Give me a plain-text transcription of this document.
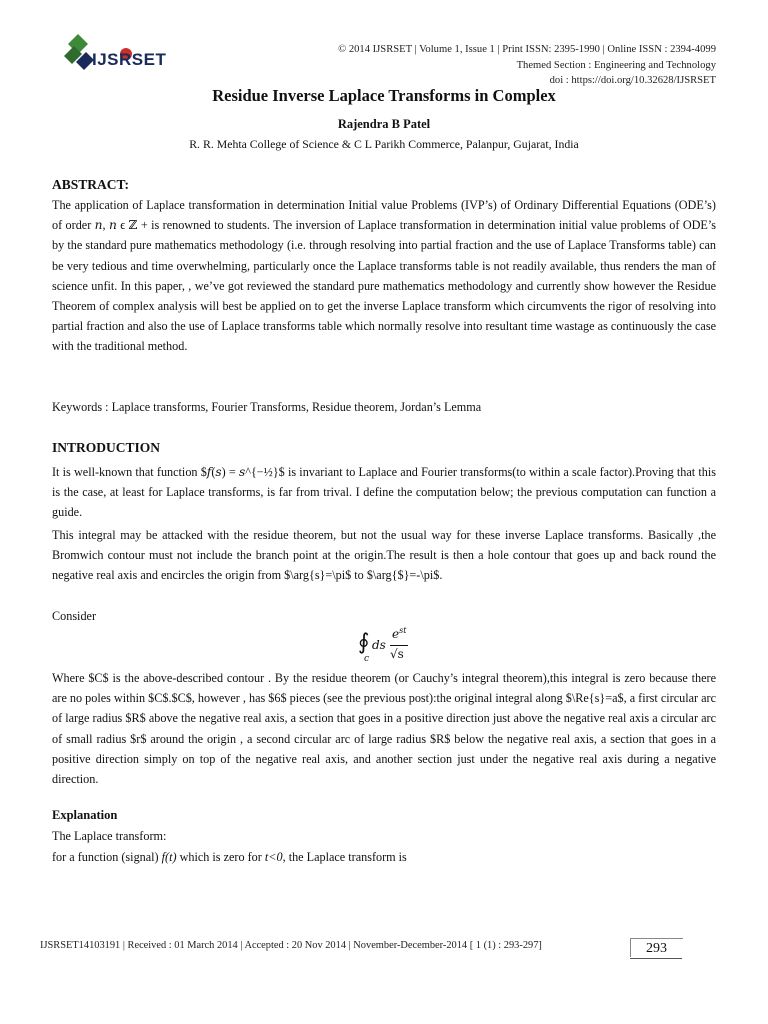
IJSRSET
© 2014 IJSRSET | Volume 1, Issue 1 | Print ISSN: 2395-1990 | Online ISSN : 2394-4099
Themed Section : Engineering and Technology
doi : https://doi.org/10.32628/IJSRSET
Residue Inverse Laplace Transforms in Complex
Rajendra B Patel
R. R. Mehta College of Science & C L Parikh Commerce, Palanpur, Gujarat, India
ABSTRACT:
The application of Laplace transformation in determination Initial value Problems (IVP’s) of Ordinary Differential Equations (ODE’s) of order 𝑛, 𝑛 ϵ ℤ + is renowned to students. The inversion of Laplace transformation in determination initial value problems of ODE’s by the standard pure mathematics methodology (i.e. through resolving into partial fraction and the use of Laplace Transforms table) can be very tedious and time overwhelming, particularly once the Laplace transforms table is not readily available, thus renders the man of science unfit. In this paper, , we’ve got reviewed the standard pure mathematics methodology and currently show however the Residue Theorem of complex analysis will best be applied on to get the inverse Laplace transform which circumvents the rigor of resolving into partial fraction and also the use of Laplace transforms table which normally resolve into resultant time wastage as continuously the case with the traditional method.
Keywords : Laplace transforms, Fourier Transforms, Residue theorem, Jordan’s Lemma
INTRODUCTION
It is well-known that function $𝑓(𝑠) = 𝑠^{−½}$ is invariant to Laplace and Fourier transforms(to within a scale factor).Proving that this is the case, at least for Laplace transforms, is far from trival. I define the computation below; the previous computation can function a guide.
This integral may be attacked with the residue theorem, but not the usual way for these inverse Laplace transforms. Basically ,the Bromwich contour must not include the branch point at the origin.The result is then a hole contour that goes up and back round the negative real axis and encircles the origin from $\arg{s}=\pi$ to $\arg{$}=-\pi$.
Consider
∮
c
ds
$e^{st}$
√s
Where $C$ is the above-described contour . By the residue theorem (or Cauchy’s integral theorem),this integral is zero because there are no poles within $C$.$C$, however , has $6$ pieces (see the previous post):the original integral along $\Re{s}=a$, a first circular arc of large radius $R$ above the negative real axis, a section that goes in a positive direction just above the negative real axis a circular arc of small radius $r$ around the origin , a second circular arc of large radius $R$ below the negative real axis, a section that goes in a positive direction simply on top of the negative real axis, and another section just under the negative real axis during a negative direction.
Explanation
The Laplace transform:
for a function (signal) f(t) which is zero for t<0, the Laplace transform is
IJSRSET14103191 | Received : 01 March 2014 | Accepted : 20 Nov 2014 | November-December-2014 [ 1 (1) : 293-297]	293
